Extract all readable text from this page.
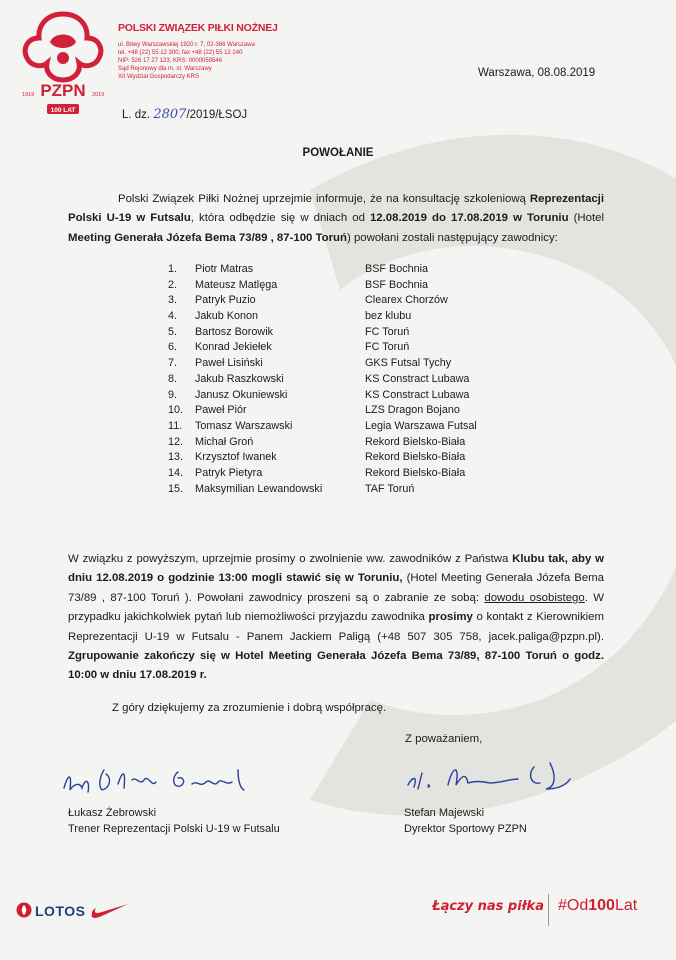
PZPN
1919	2019
100 LAT
POLSKI ZWIĄZEK PIŁKI NOŻNEJ
ul. Bitwy Warszawskiej 1920 r. 7, 02-366 Warszawa
tel. +48 (22) 55 12 300, fax +48 (22) 55 12 240
NIP: 526 17 27 123, KRS: 0000059546
Sąd Rejonowy dla m. st. Warszawy
XII Wydział Gospodarczy KRS	Warszawa, 08.08.2019
L. dz. 2807/2019/ŁSOJ
POWOŁANIE
Polski Związek Piłki Nożnej uprzejmie informuje, że na konsultację szkoleniową Reprezentacji Polski U-19 w Futsalu, która odbędzie się w dniach od 12.08.2019 do 17.08.2019 w Toruniu (Hotel Meeting Generała Józefa Bema 73/89 , 87-100 Toruń) powołani zostali następujący zawodnicy:
1. Piotr Matras	BSF Bochnia
2. Mateusz Matlęga	BSF Bochnia
3. Patryk Puzio	Clearex Chorzów
4. Jakub Konon	bez klubu
5. Bartosz Borowik	FC Toruń
6. Konrad Jekiełek	FC Toruń
7. Paweł Lisiński	GKS Futsal Tychy
8. Jakub Raszkowski	KS Constract Lubawa
9. Janusz Okuniewski	KS Constract Lubawa
10. Paweł Piór	LZS Dragon Bojano
11. Tomasz Warszawski	Legia Warszawa Futsal
12. Michał Groń	Rekord Bielsko-Biała
13. Krzysztof Iwanek	Rekord Bielsko-Biała
14. Patryk Pietyra	Rekord Bielsko-Biała
15. Maksymilian Lewandowski	TAF Toruń
W związku z powyższym, uprzejmie prosimy o zwolnienie ww. zawodników z Państwa Klubu tak, aby w dniu 12.08.2019 o godzinie 13:00 mogli stawić się w Toruniu, (Hotel Meeting Generała Józefa Bema 73/89 , 87-100 Toruń ). Powołani zawodnicy proszeni są o zabranie ze sobą: dowodu osobistego. W przypadku jakichkolwiek pytań lub niemożliwości przyjazdu zawodnika prosimy o kontakt z Kierownikiem Reprezentacji U-19 w Futsalu - Panem Jackiem Paligą (+48 507 305 758, jacek.paliga@pzpn.pl). Zgrupowanie zakończy się w Hotel Meeting Generała Józefa Bema 73/89, 87-100 Toruń o godz. 10:00 w dniu 17.08.2019 r.
Z góry dziękujemy za zrozumienie i dobrą współpracę.
Z poważaniem,
Łukasz Żebrowski
Trener Reprezentacji Polski U-19 w Futsalu
Stefan Majewski
Dyrektor Sportowy PZPN
LOTOS	Łączy nas piłka #Od100Lat
